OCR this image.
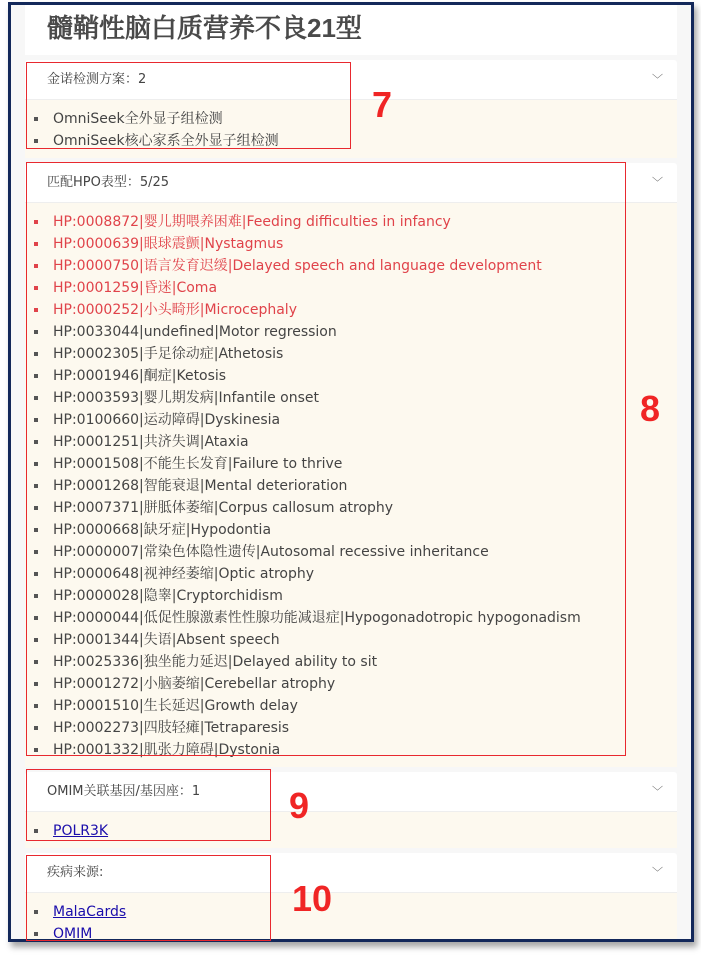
髓鞘性脑白质营养不良21型
金诺检测方案：2	﹀
OmniSeek全外显子组检测
OmniSeek核心家系全外显子组检测
匹配HPO表型：5/25	﹀
HP:0008872|婴儿期喂养困难|Feeding difficulties in infancy
HP:0000639|眼球震颤|Nystagmus
HP:0000750|语言发育迟缓|Delayed speech and language development
HP:0001259|昏迷|Coma
HP:0000252|小头畸形|Microcephaly
HP:0033044|undefined|Motor regression
HP:0002305|手足徐动症|Athetosis
HP:0001946|酮症|Ketosis
HP:0003593|婴儿期发病|Infantile onset
HP:0100660|运动障碍|Dyskinesia
HP:0001251|共济失调|Ataxia
HP:0001508|不能生长发育|Failure to thrive
HP:0001268|智能衰退|Mental deterioration
HP:0007371|胼胝体萎缩|Corpus callosum atrophy
HP:0000668|缺牙症|Hypodontia
HP:0000007|常染色体隐性遗传|Autosomal recessive inheritance
HP:0000648|视神经萎缩|Optic atrophy
HP:0000028|隐睾|Cryptorchidism
HP:0000044|低促性腺激素性性腺功能减退症|Hypogonadotropic hypogonadism
HP:0001344|失语|Absent speech
HP:0025336|独坐能力延迟|Delayed ability to sit
HP:0001272|小脑萎缩|Cerebellar atrophy
HP:0001510|生长延迟|Growth delay
HP:0002273|四肢轻瘫|Tetraparesis
HP:0001332|肌张力障碍|Dystonia
OMIM关联基因/基因座：1	﹀
POLR3K
疾病来源:	﹀
MalaCards
OMIM
7
8
9
10
